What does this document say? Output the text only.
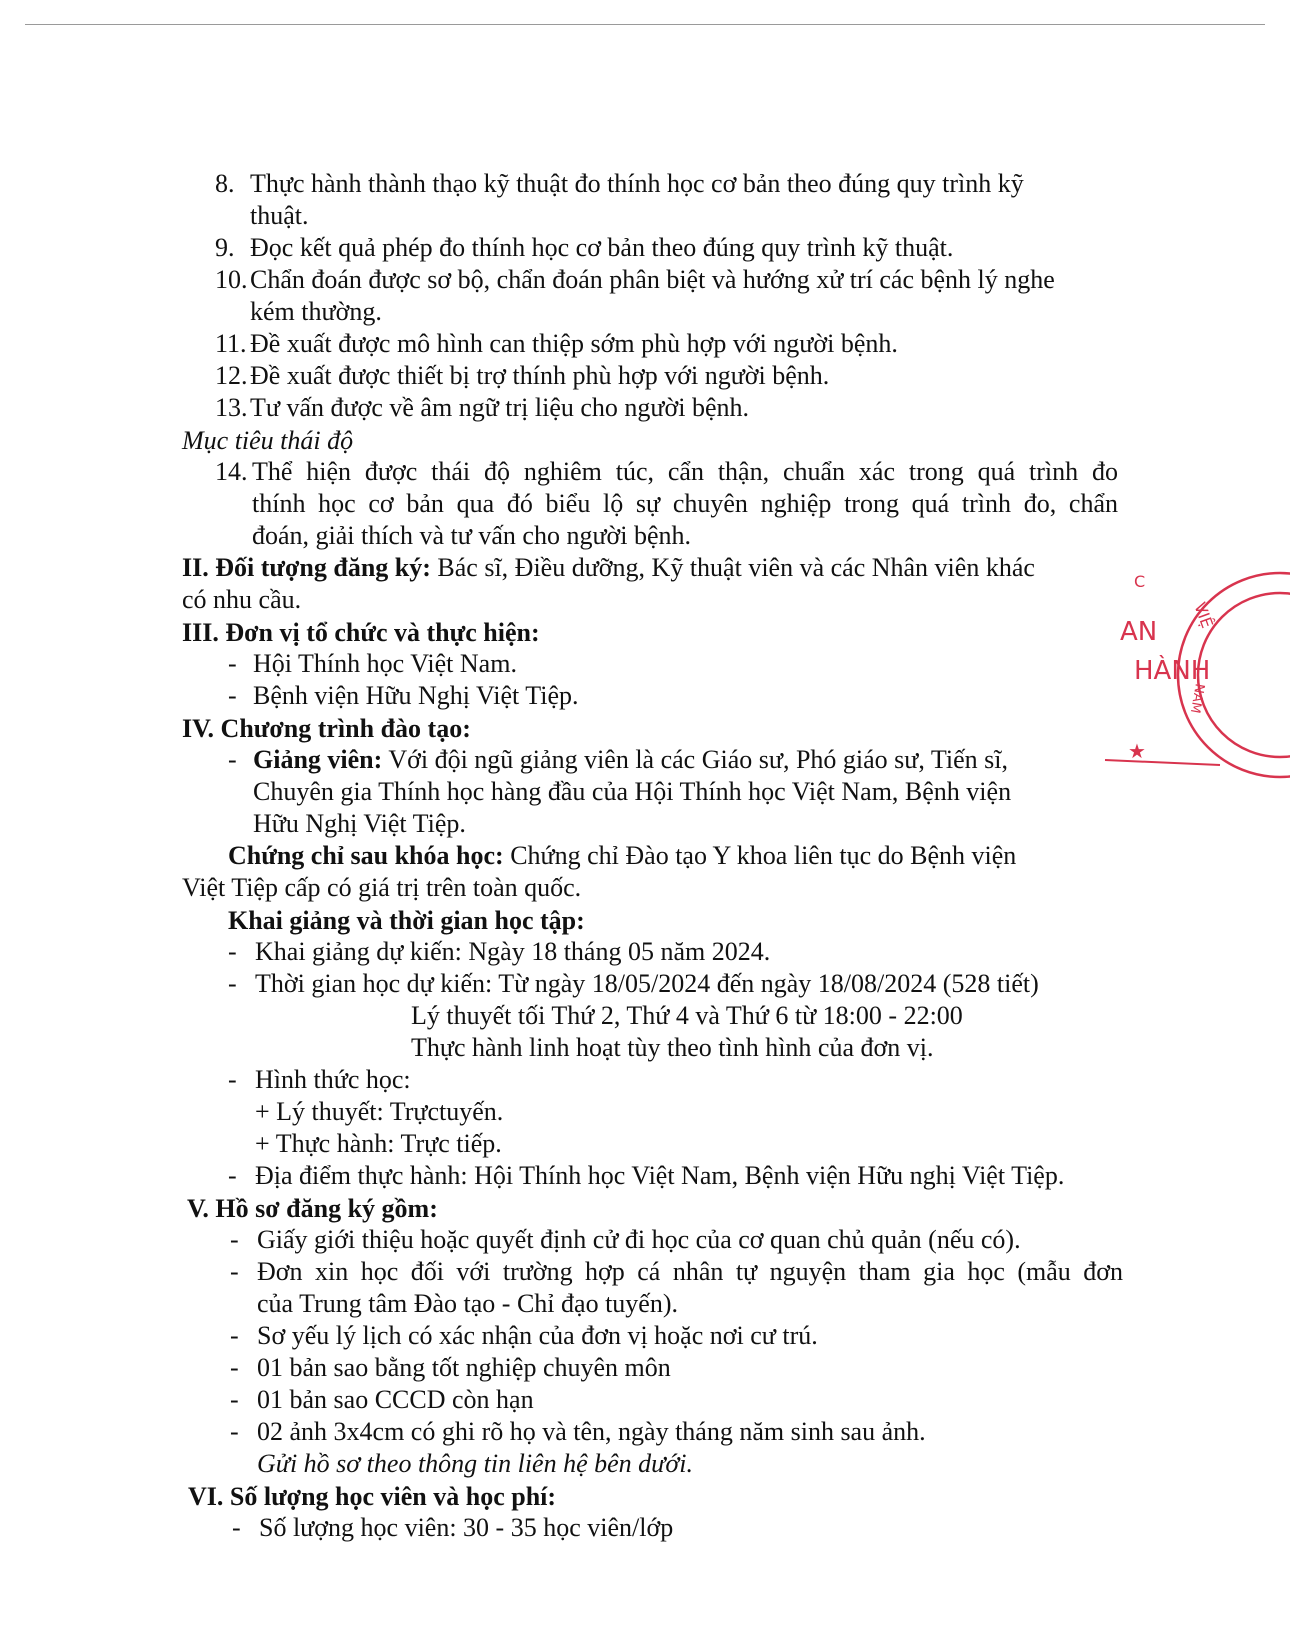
8. Thực hành thành thạo kỹ thuật đo thính học cơ bản theo đúng quy trình kỹ
thuật.
9. Đọc kết quả phép đo thính học cơ bản theo đúng quy trình kỹ thuật.
10.Chẩn đoán được sơ bộ, chẩn đoán phân biệt và hướng xử trí các bệnh lý nghe
kém thường.
11. Đề xuất được mô hình can thiệp sớm phù hợp với người bệnh.
12.Đề xuất được thiết bị trợ thính phù hợp với người bệnh.
13.Tư vấn được về âm ngữ trị liệu cho người bệnh.
Mục tiêu thái độ
14. Thể hiện được thái độ nghiêm túc, cẩn thận, chuẩn xác trong quá trình đo
thính học cơ bản qua đó biểu lộ sự chuyên nghiệp trong quá trình đo, chẩn
đoán, giải thích và tư vấn cho người bệnh.
II. Đối tượng đăng ký: Bác sĩ, Điều dưỡng, Kỹ thuật viên và các Nhân viên khác
có nhu cầu.
III. Đơn vị tổ chức và thực hiện:
- Hội Thính học Việt Nam.
- Bệnh viện Hữu Nghị Việt Tiệp.
IV. Chương trình đào tạo:
- Giảng viên: Với đội ngũ giảng viên là các Giáo sư, Phó giáo sư, Tiến sĩ,
Chuyên gia Thính học hàng đầu của Hội Thính học Việt Nam, Bệnh viện
Hữu Nghị Việt Tiệp.
Chứng chỉ sau khóa học: Chứng chỉ Đào tạo Y khoa liên tục do Bệnh viện
Việt Tiệp cấp có giá trị trên toàn quốc.
Khai giảng và thời gian học tập:
- Khai giảng dự kiến: Ngày 18 tháng 05 năm 2024.
- Thời gian học dự kiến: Từ ngày 18/05/2024 đến ngày 18/08/2024 (528 tiết)
Lý thuyết tối Thứ 2, Thứ 4 và Thứ 6 từ 18:00 - 22:00
Thực hành linh hoạt tùy theo tình hình của đơn vị.
- Hình thức học:
+ Lý thuyết: Trựctuyến.
+ Thực hành: Trực tiếp.
- Địa điểm thực hành: Hội Thính học Việt Nam, Bệnh viện Hữu nghị Việt Tiệp.
V. Hồ sơ đăng ký gồm:
- Giấy giới thiệu hoặc quyết định cử đi học của cơ quan chủ quản (nếu có).
- Đơn xin học đối với trường hợp cá nhân tự nguyện tham gia học (mẫu đơn
của Trung tâm Đào tạo - Chỉ đạo tuyến).
- Sơ yếu lý lịch có xác nhận của đơn vị hoặc nơi cư trú.
- 01 bản sao bằng tốt nghiệp chuyên môn
- 01 bản sao CCCD còn hạn
- 02 ảnh 3x4cm có ghi rõ họ và tên, ngày tháng năm sinh sau ảnh.
Gửi hồ sơ theo thông tin liên hệ bên dưới.
VI. Số lượng học viên và học phí:
- Số lượng học viên: 30 - 35 học viên/lớp
C
VIỆ
AN
HÀNH
NAM
★
